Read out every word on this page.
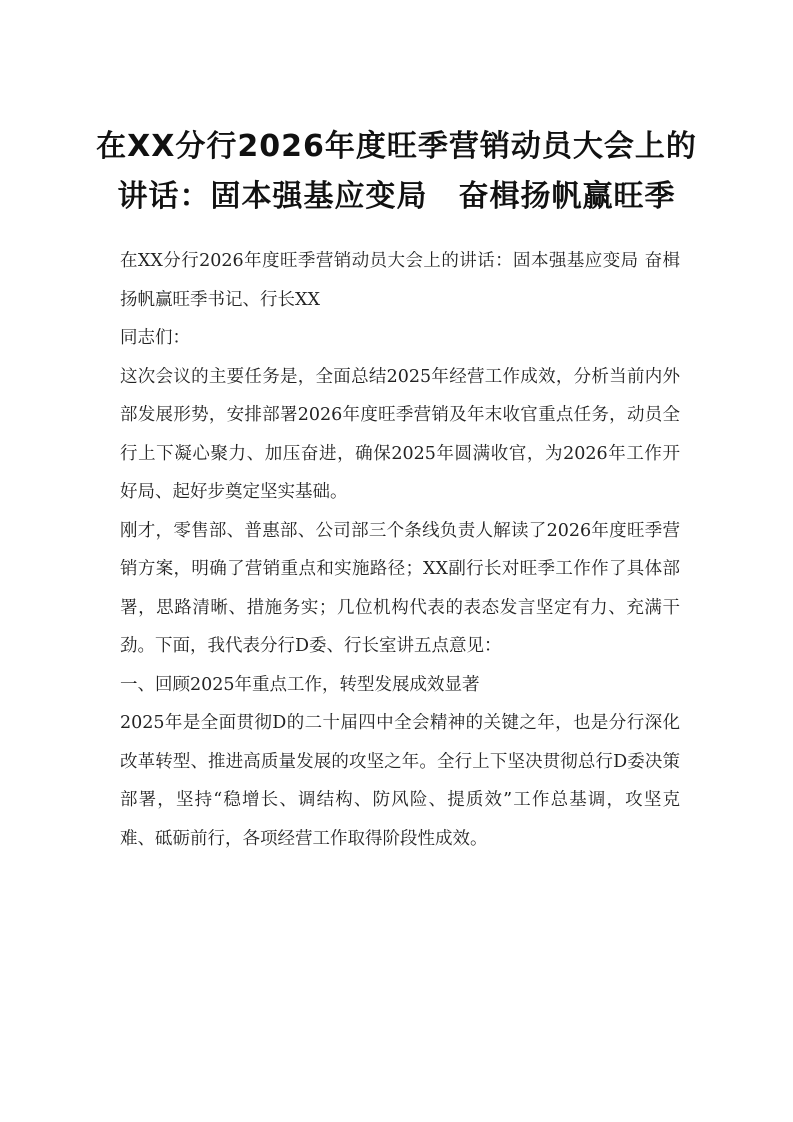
在XX分行2026年度旺季营销动员大会上的
讲话：固本强基应变局　奋楫扬帆赢旺季

在XX分行2026年度旺季营销动员大会上的讲话：固本强基应变局 奋楫扬帆赢旺季书记、行长XX

同志们：

这次会议的主要任务是，全面总结2025年经营工作成效，分析当前内外部发展形势，安排部署2026年度旺季营销及年末收官重点任务，动员全行上下凝心聚力、加压奋进，确保2025年圆满收官，为2026年工作开好局、起好步奠定坚实基础。

刚才，零售部、普惠部、公司部三个条线负责人解读了2026年度旺季营销方案，明确了营销重点和实施路径；XX副行长对旺季工作作了具体部署，思路清晰、措施务实；几位机构代表的表态发言坚定有力、充满干劲。下面，我代表分行D委、行长室讲五点意见：

一、回顾2025年重点工作，转型发展成效显著

2025年是全面贯彻D的二十届四中全会精神的关键之年，也是分行深化改革转型、推进高质量发展的攻坚之年。全行上下坚决贯彻总行D委决策部署，坚持“稳增长、调结构、防风险、提质效”工作总基调，攻坚克难、砥砺前行，各项经营工作取得阶段性成效。
